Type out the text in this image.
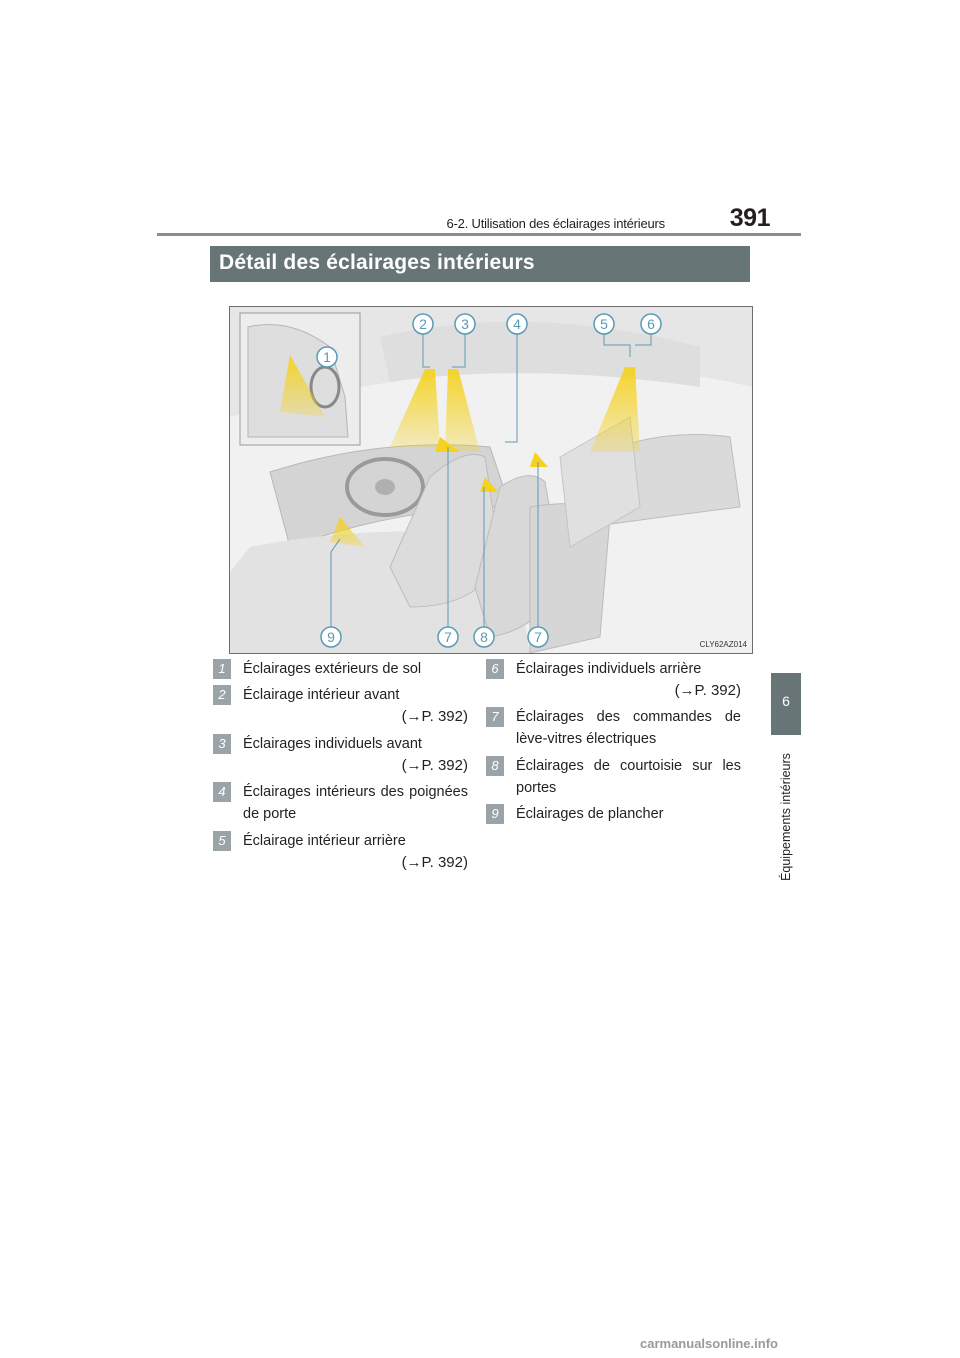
6-2. Utilisation des éclairages intérieurs	391
Détail des éclairages intérieurs
1
2 3	4	5	6
9	7 8	7	CLY62AZ014
1	Éclairages extérieurs de sol
2	Éclairage intérieur avant
(→P. 392)
3	Éclairages individuels avant
(→P. 392)
4	Éclairages intérieurs des poignées de porte
5	Éclairage intérieur arrière
(→P. 392)
6	Éclairages individuels arrière
(→P. 392)
7	Éclairages des commandes de lève-vitres électriques
8	Éclairages de courtoisie sur les portes
9	Éclairages de plancher
6
Équipements intérieurs
carmanualsonline.info
